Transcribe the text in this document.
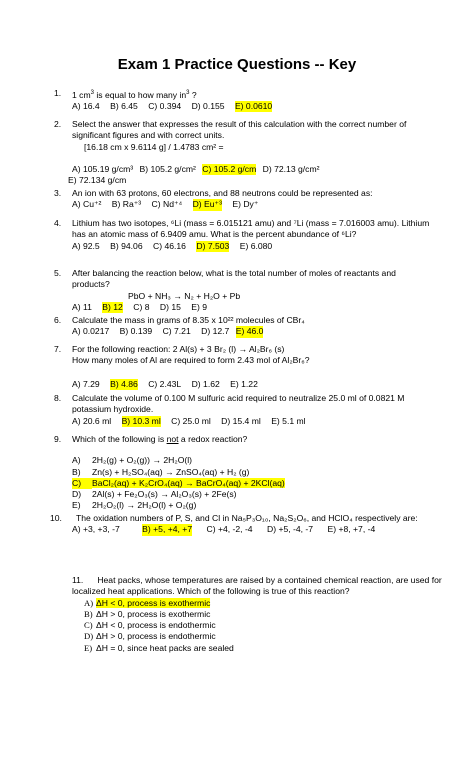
Exam 1 Practice Questions -- Key
1. 1 $cm^3$ is equal to how many $in^3$ ?
A) 16.4 B) 6.45 C) 0.394 D) 0.155 E) 0.0610
2. Select the answer that expresses the result of this calculation with the correct number of significant figures and with correct units.
[16.18 cm x 9.6114 g] / 1.4783 cm² =
A) 105.19 g/cm³ B) 105.2 g/cm² C) 105.2 g/cm D) 72.13 g/cm²
E) 72.134 g/cm
3. An ion with 63 protons, 60 electrons, and 88 neutrons could be represented as:
A) Cu⁺² B) Ra⁺³ C) Nd⁺⁴ D) Eu⁺³ E) Dy⁺
4. Lithium has two isotopes, ⁶Li (mass = 6.015121 amu) and ⁷Li (mass = 7.016003 amu). Lithium has an atomic mass of 6.9409 amu. What is the percent abundance of ⁶Li?
A) 92.5 B) 94.06 C) 46.16 D) 7.503 E) 6.080
5. After balancing the reaction below, what is the total number of moles of reactants and products?
PbO + NH₃ → N₂ + H₂O + Pb
A) 11 B) 12 C) 8 D) 15 E) 9
6. Calculate the mass in grams of 8.35 x 10²² molecules of CBr₄
A) 0.0217 B) 0.139 C) 7.21 D) 12.7 E) 46.0
7. For the following reaction: 2 Al(s) + 3 Br₂ (l) → Al₂Br₆ (s)
How many moles of Al are required to form 2.43 mol of Al₂Br₆?
A) 7.29 B) 4.86 C) 2.43L D) 1.62 E) 1.22
8. Calculate the volume of 0.100 M sulfuric acid required to neutralize 25.0 ml of 0.0821 M potassium hydroxide.
A) 20.6 ml B) 10.3 ml C) 25.0 ml D) 15.4 ml E) 5.1 ml
9. Which of the following is not a redox reaction?
A) 2H₂(g) + O₂(g)) → 2H₂O(l)
B) Zn(s) + H₂SO₄(aq) → ZnSO₄(aq) + H₂ (g)
C) BaCl₂(aq) + K₂CrO₄(aq) → BaCrO₄(aq) + 2KCl(aq)
D) 2Al(s) + Fe₂O₃(s) → Al₂O₃(s) + 2Fe(s)
E) 2H₂O₂(l) → 2H₂O(l) + O₂(g)
10. The oxidation numbers of P, S, and Cl in Na₅P₃O₁₀, Na₂S₂O₆, and HClO₄ respectively are:
A) +3, +3, -7	B) +5, +4, +7 C) +4, -2, -4 D) +5, -4, -7 E) +8, +7, -4
11. Heat packs, whose temperatures are raised by a contained chemical reaction, are used for localized heat applications. Which of the following is true of this reaction?
A) ΔH < 0, process is exothermic
B) ΔH > 0, process is exothermic
C) ΔH < 0, process is endothermic
D) ΔH > 0, process is endothermic
E) ΔH = 0, since heat packs are sealed
